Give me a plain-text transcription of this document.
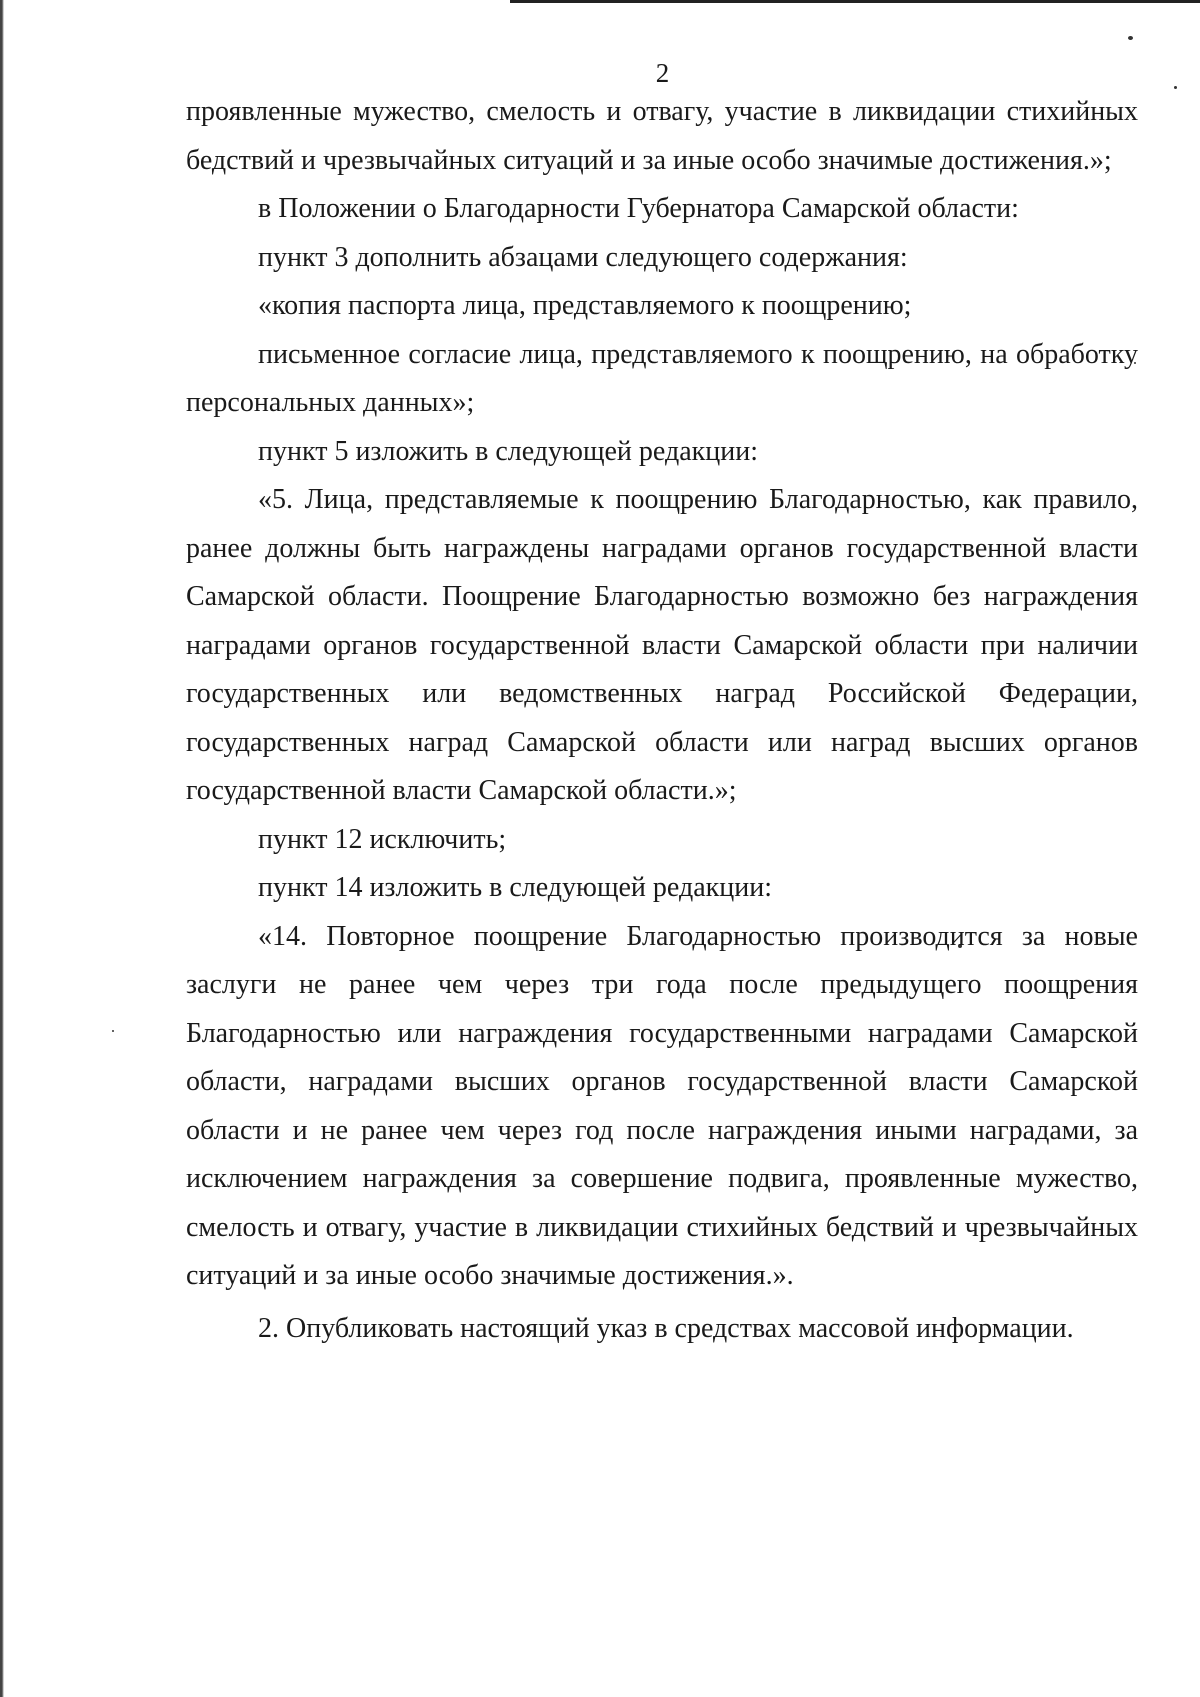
2

проявленные мужество, смелость и отвагу, участие в ликвидации стихийных бедствий и чрезвычайных ситуаций и за иные особо значимые достижения.»;

в Положении о Благодарности Губернатора Самарской области:

пункт 3 дополнить абзацами следующего содержания:

«копия паспорта лица, представляемого к поощрению;

письменное согласие лица, представляемого к поощрению, на обработку персональных данных»;

пункт 5 изложить в следующей редакции:

«5. Лица, представляемые к поощрению Благодарностью, как правило, ранее должны быть награждены наградами органов государственной власти Самарской области. Поощрение Благодарностью возможно без награждения наградами органов государственной власти Самарской области при наличии государственных или ведомственных наград Российской Федерации, государственных наград Самарской области или наград высших органов государственной власти Самарской области.»;

пункт 12 исключить;

пункт 14 изложить в следующей редакции:

«14. Повторное поощрение Благодарностью производится за новые заслуги не ранее чем через три года после предыдущего поощрения Благодарностью или награждения государственными наградами Самарской области, наградами высших органов государственной власти Самарской области и не ранее чем через год после награждения иными наградами, за исключением награждения за совершение подвига, проявленные мужество, смелость и отвагу, участие в ликвидации стихийных бедствий и чрезвычайных ситуаций и за иные особо значимые достижения.».

2. Опубликовать настоящий указ в средствах массовой информации.
